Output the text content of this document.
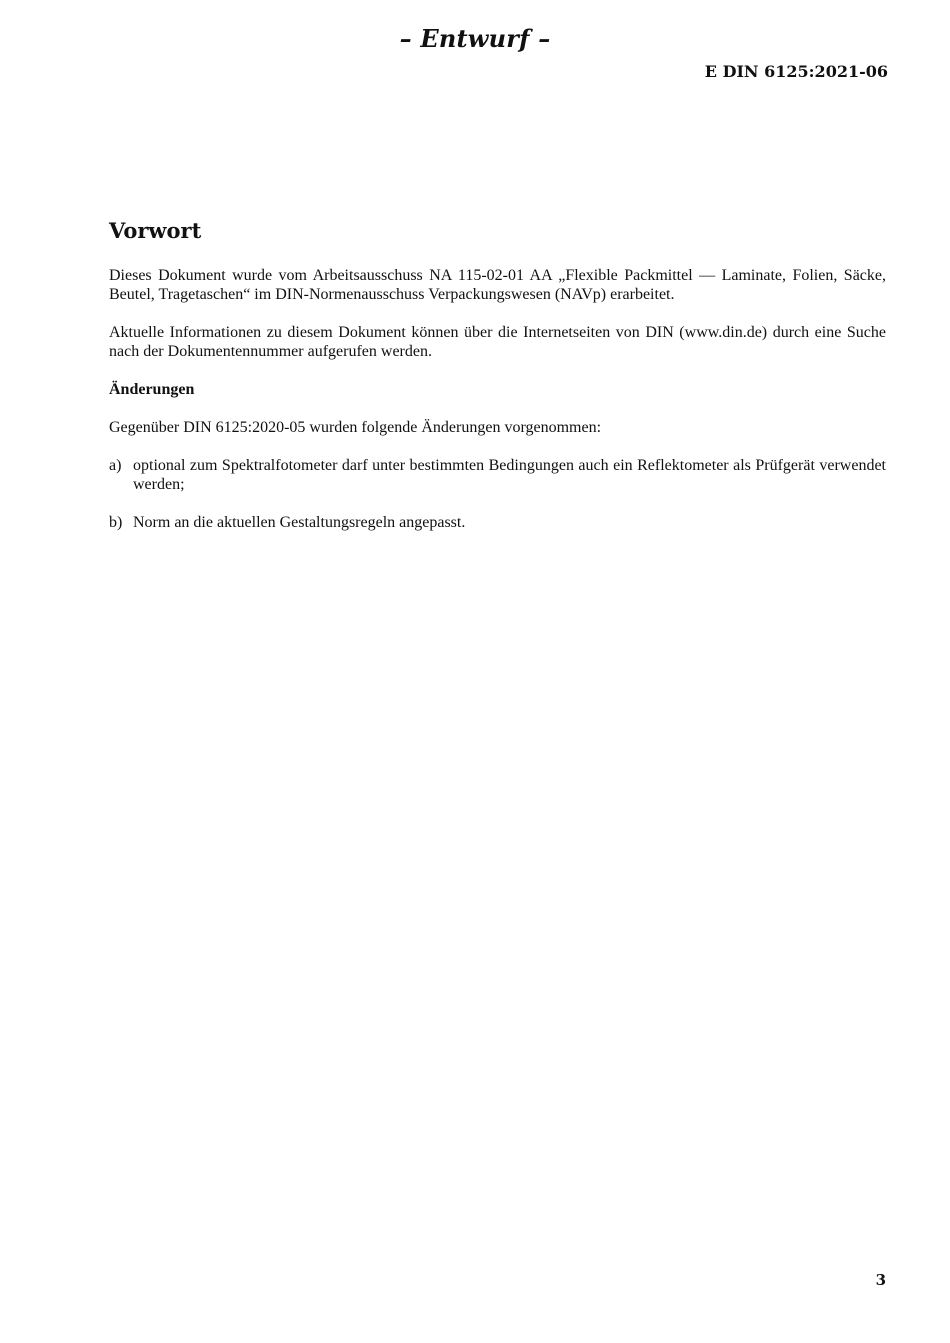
– Entwurf –
E DIN 6125:2021-06
Vorwort

Dieses Dokument wurde vom Arbeitsausschuss NA 115-02-01 AA „Flexible Packmittel — Laminate, Folien, Säcke, Beutel, Tragetaschen“ im DIN-Normenausschuss Verpackungswesen (NAVp) erarbeitet.

Aktuelle Informationen zu diesem Dokument können über die Internetseiten von DIN (www.din.de) durch eine Suche nach der Dokumentennummer aufgerufen werden.

Änderungen

Gegenüber DIN 6125:2020-05 wurden folgende Änderungen vorgenommen:

a) optional zum Spektralfotometer darf unter bestimmten Bedingungen auch ein Reflektometer als Prüfgerät verwendet werden;
b) Norm an die aktuellen Gestaltungsregeln angepasst.
3
